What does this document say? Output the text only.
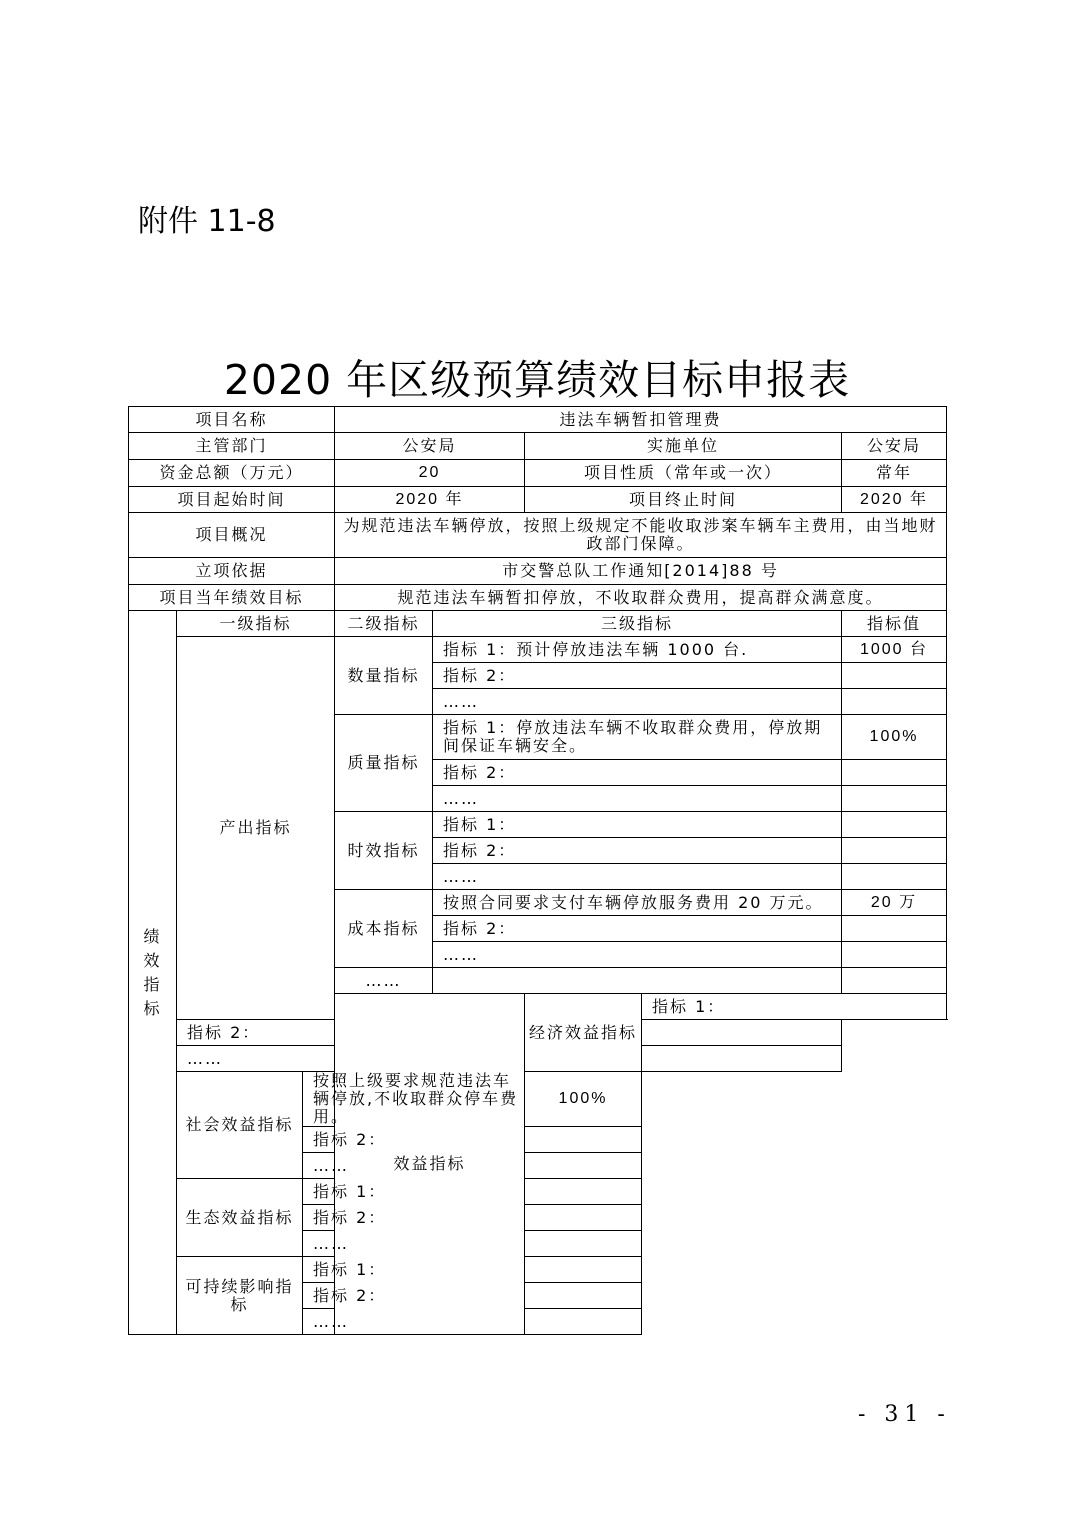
附件 11-8
2020 年区级预算绩效目标申报表
项目名称			违法车辆暂扣管理费					
主管部门			公安局		实施单位		公安局	
资金总额（万元）			20		项目性质（常年或一次）		常年	
项目起始时间			2020 年		项目终止时间		2020 年	
项目概况			为规范违法车辆停放，按照上级规定不能收取涉案车辆车主费用，由当地财政部门保障。					
立项依据			市交警总队工作通知[2014]88 号					
项目当年绩效目标			规范违法车辆暂扣停放，不收取群众费用，提高群众满意度。					
绩效指标	一级指标		二级指标	三级指标			指标值	
	产出指标		数量指标	指标 1：预计停放违法车辆 1000 台.			1000 台	
				指标 2：				
				……				
			质量指标	指标 1：停放违法车辆不收取群众费用，停放期间保证车辆安全。			100%	
				指标 2：				
				……				
			时效指标	指标 1：				
				指标 2：				
				……				
			成本指标	按照合同要求支付车辆停放服务费用 20 万元。			20 万	
				指标 2：				
				……				
			……					
			效益指标		经济效益指标	指标 1：		
	指标 2：							
	……							
	社会效益指标	按照上级要求规范违法车辆停放,不收取群众停车费用。			100%			
		指标 2：						
		……						
	生态效益指标	指标 1：						
		指标 2：						
		……						
	可持续影响指标	指标 1：						
		指标 2：						
		……						
- 31 -
